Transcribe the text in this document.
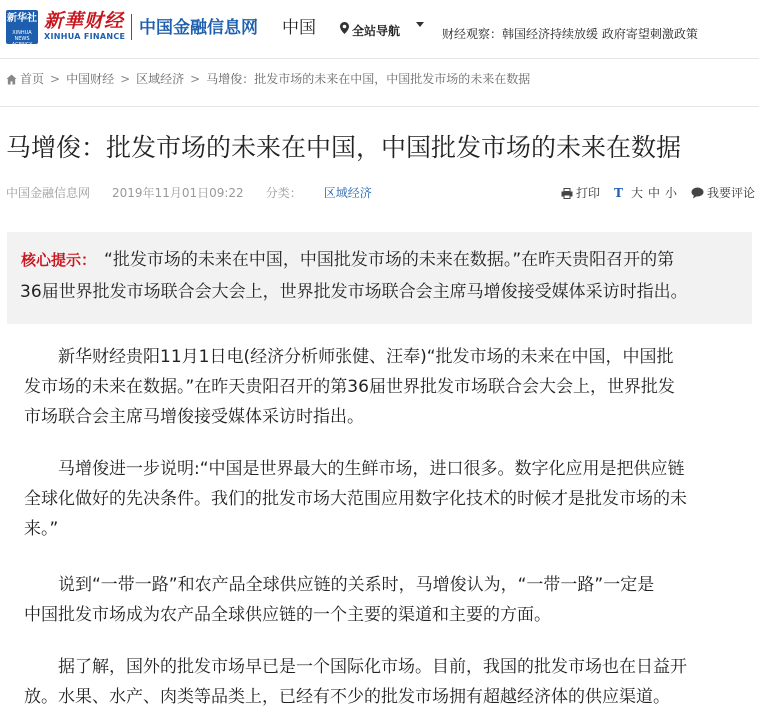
新华社
XINHUA NEWS AGENCY
新華财经
XINHUA FINANCE 中国金融信息网 中国	全站导航	财经观察：韩国经济持续放缓 政府寄望刺激政策
首页 > 中国财经 > 区域经济 > 马增俊：批发市场的未来在中国，中国批发市场的未来在数据
马增俊：批发市场的未来在中国，中国批发市场的未来在数据
中国金融信息网 2019年11月01日09:22 分类： 区域经济	打印 T 大 中 小	我要评论
核心提示： “批发市场的未来在中国，中国批发市场的未来在数据。”在昨天贵阳召开的第
36届世界批发市场联合会大会上，世界批发市场联合会主席马增俊接受媒体采访时指出。
新华财经贵阳11月1日电(经济分析师张健、汪奉)“批发市场的未来在中国，中国批
发市场的未来在数据。”在昨天贵阳召开的第36届世界批发市场联合会大会上，世界批发
市场联合会主席马增俊接受媒体采访时指出。
马增俊进一步说明:“中国是世界最大的生鲜市场，进口很多。数字化应用是把供应链
全球化做好的先决条件。我们的批发市场大范围应用数字化技术的时候才是批发市场的未
来。”
说到“一带一路”和农产品全球供应链的关系时，马增俊认为，“一带一路”一定是
中国批发市场成为农产品全球供应链的一个主要的渠道和主要的方面。
据了解，国外的批发市场早已是一个国际化市场。目前，我国的批发市场也在日益开
放。水果、水产、肉类等品类上，已经有不少的批发市场拥有超越经济体的供应渠道。
